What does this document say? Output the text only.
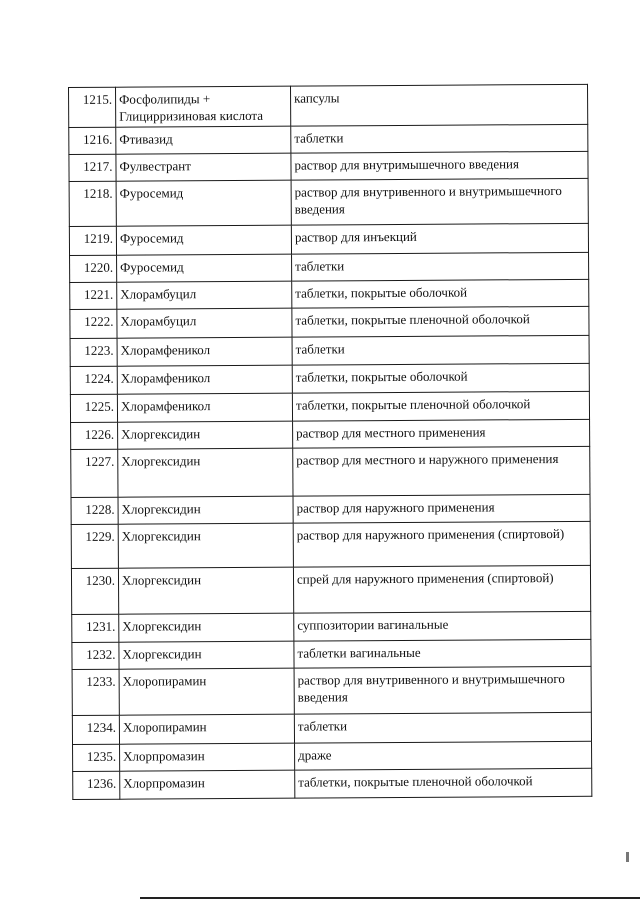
1215.	Фосфолипиды + Глицирризиновая кислота	капсулы
1216.	Фтивазид	таблетки
1217.	Фулвестрант	раствор для внутримышечного введения
1218.	Фуросемид	раствор для внутривенного и внутримышечного введения
1219.	Фуросемид	раствор для инъекций
1220.	Фуросемид	таблетки
1221.	Хлорамбуцил	таблетки, покрытые оболочкой
1222.	Хлорамбуцил	таблетки, покрытые пленочной оболочкой
1223.	Хлорамфеникол	таблетки
1224.	Хлорамфеникол	таблетки, покрытые оболочкой
1225.	Хлорамфеникол	таблетки, покрытые пленочной оболочкой
1226.	Хлоргексидин	раствор для местного применения
1227.	Хлоргексидин	раствор для местного и наружного применения
1228.	Хлоргексидин	раствор для наружного применения
1229.	Хлоргексидин	раствор для наружного применения (спиртовой)
1230.	Хлоргексидин	спрей для наружного применения (спиртовой)
1231.	Хлоргексидин	суппозитории вагинальные
1232.	Хлоргексидин	таблетки вагинальные
1233.	Хлоропирамин	раствор для внутривенного и внутримышечного введения
1234.	Хлоропирамин	таблетки
1235.	Хлорпромазин	драже
1236.	Хлорпромазин	таблетки, покрытые пленочной оболочкой
